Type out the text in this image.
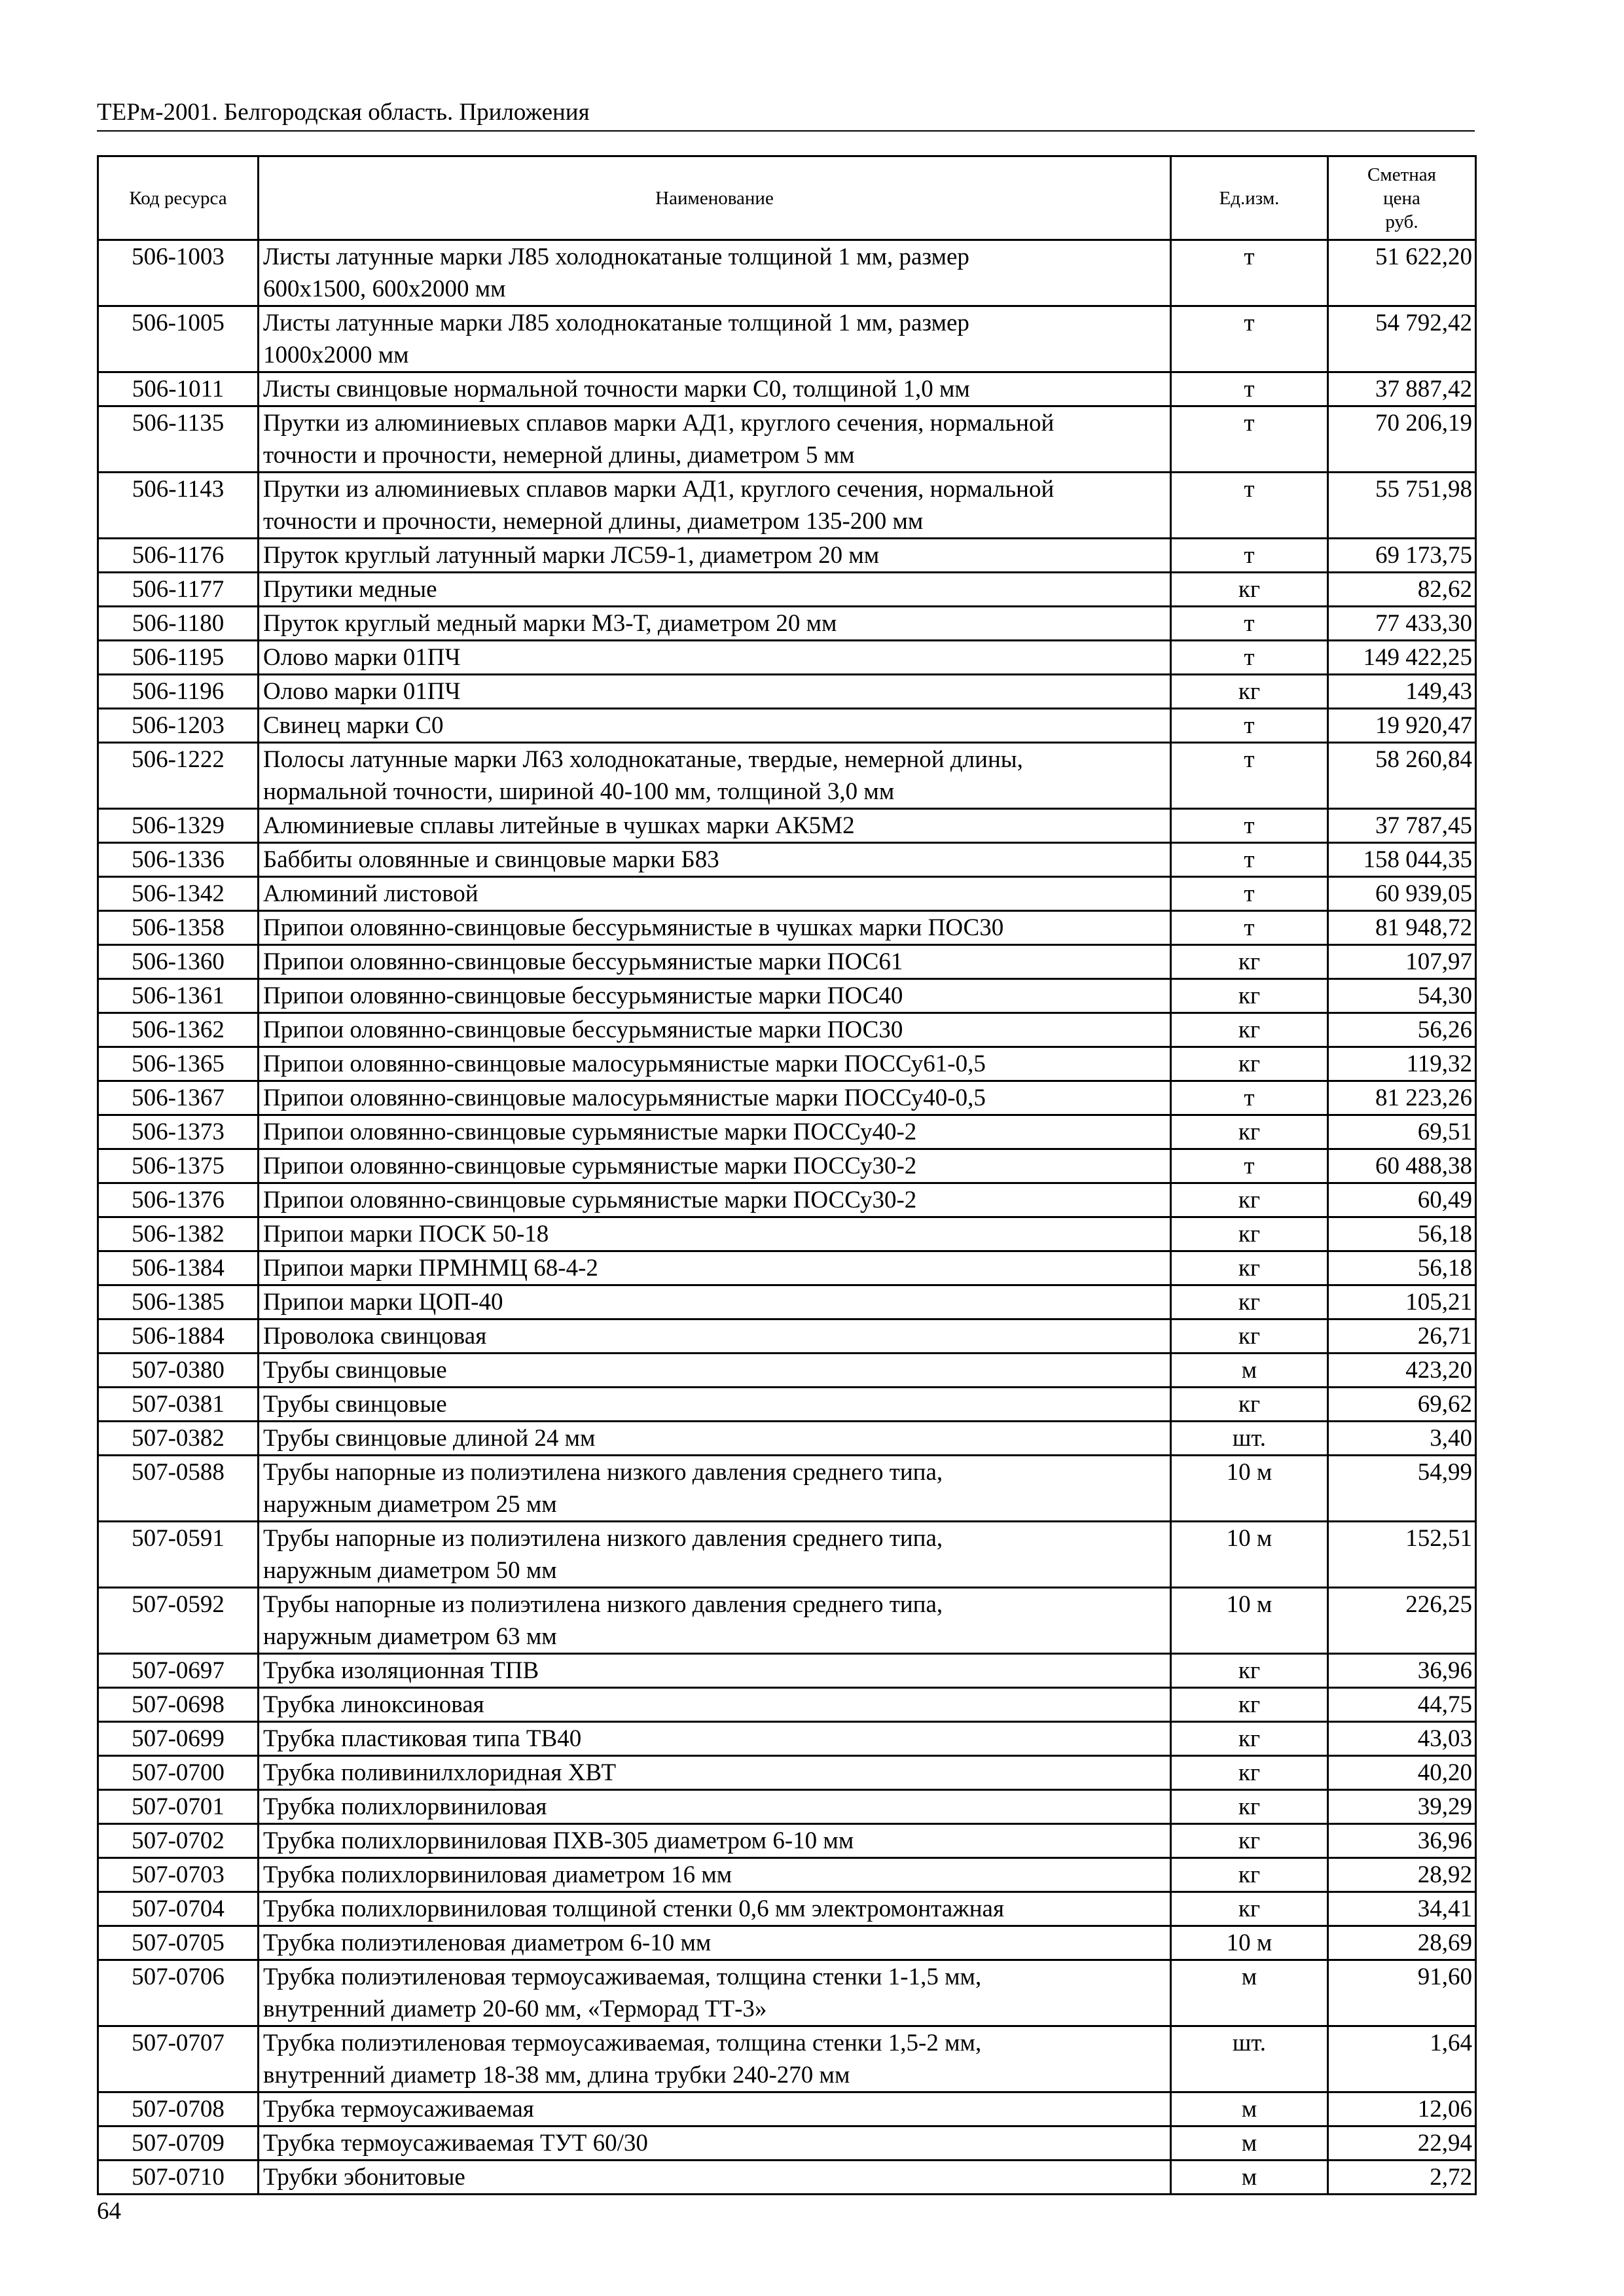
ТЕРм-2001. Белгородская область. Приложения
Код ресурса	Наименование	Ед.изм.	Сметная
цена
руб.
506-1003	Листы латунные марки Л85 холоднокатаные толщиной 1 мм, размер
600x1500, 600x2000 мм	т	51 622,20
506-1005	Листы латунные марки Л85 холоднокатаные толщиной 1 мм, размер
1000x2000 мм	т	54 792,42
506-1011	Листы свинцовые нормальной точности марки С0, толщиной 1,0 мм	т	37 887,42
506-1135	Прутки из алюминиевых сплавов марки АД1, круглого сечения, нормальной
точности и прочности, немерной длины, диаметром 5 мм	т	70 206,19
506-1143	Прутки из алюминиевых сплавов марки АД1, круглого сечения, нормальной
точности и прочности, немерной длины, диаметром 135-200 мм	т	55 751,98
506-1176	Пруток круглый латунный марки ЛС59-1, диаметром 20 мм	т	69 173,75
506-1177	Прутики медные	кг	82,62
506-1180	Пруток круглый медный марки М3-Т, диаметром 20 мм	т	77 433,30
506-1195	Олово марки 01ПЧ	т	149 422,25
506-1196	Олово марки 01ПЧ	кг	149,43
506-1203	Свинец марки С0	т	19 920,47
506-1222	Полосы латунные марки Л63 холоднокатаные, твердые, немерной длины,
нормальной точности, шириной 40-100 мм, толщиной 3,0 мм	т	58 260,84
506-1329	Алюминиевые сплавы литейные в чушках марки АК5М2	т	37 787,45
506-1336	Баббиты оловянные и свинцовые марки Б83	т	158 044,35
506-1342	Алюминий листовой	т	60 939,05
506-1358	Припои оловянно-свинцовые бессурьмянистые в чушках марки ПОС30	т	81 948,72
506-1360	Припои оловянно-свинцовые бессурьмянистые марки ПОС61	кг	107,97
506-1361	Припои оловянно-свинцовые бессурьмянистые марки ПОС40	кг	54,30
506-1362	Припои оловянно-свинцовые бессурьмянистые марки ПОС30	кг	56,26
506-1365	Припои оловянно-свинцовые малосурьмянистые марки ПОССу61-0,5	кг	119,32
506-1367	Припои оловянно-свинцовые малосурьмянистые марки ПОССу40-0,5	т	81 223,26
506-1373	Припои оловянно-свинцовые сурьмянистые марки ПОССу40-2	кг	69,51
506-1375	Припои оловянно-свинцовые сурьмянистые марки ПОССу30-2	т	60 488,38
506-1376	Припои оловянно-свинцовые сурьмянистые марки ПОССу30-2	кг	60,49
506-1382	Припои марки ПОСК 50-18	кг	56,18
506-1384	Припои марки ПРМНМЦ 68-4-2	кг	56,18
506-1385	Припои марки ЦОП-40	кг	105,21
506-1884	Проволока свинцовая	кг	26,71
507-0380	Трубы свинцовые	м	423,20
507-0381	Трубы свинцовые	кг	69,62
507-0382	Трубы свинцовые длиной 24 мм	шт.	3,40
507-0588	Трубы напорные из полиэтилена низкого давления среднего типа,
наружным диаметром 25 мм	10 м	54,99
507-0591	Трубы напорные из полиэтилена низкого давления среднего типа,
наружным диаметром 50 мм	10 м	152,51
507-0592	Трубы напорные из полиэтилена низкого давления среднего типа,
наружным диаметром 63 мм	10 м	226,25
507-0697	Трубка изоляционная ТПВ	кг	36,96
507-0698	Трубка линоксиновая	кг	44,75
507-0699	Трубка пластиковая типа ТВ40	кг	43,03
507-0700	Трубка поливинилхлоридная ХВТ	кг	40,20
507-0701	Трубка полихлорвиниловая	кг	39,29
507-0702	Трубка полихлорвиниловая ПХВ-305 диаметром 6-10 мм	кг	36,96
507-0703	Трубка полихлорвиниловая диаметром 16 мм	кг	28,92
507-0704	Трубка полихлорвиниловая толщиной стенки 0,6 мм электромонтажная	кг	34,41
507-0705	Трубка полиэтиленовая диаметром 6-10 мм	10 м	28,69
507-0706	Трубка полиэтиленовая термоусаживаемая, толщина стенки 1-1,5 мм,
внутренний диаметр 20-60 мм, «Терморад ТТ-3»	м	91,60
507-0707	Трубка полиэтиленовая термоусаживаемая, толщина стенки 1,5-2 мм,
внутренний диаметр 18-38 мм, длина трубки 240-270 мм	шт.	1,64
507-0708	Трубка термоусаживаемая	м	12,06
507-0709	Трубка термоусаживаемая ТУТ 60/30	м	22,94
507-0710	Трубки эбонитовые	м	2,72
64
